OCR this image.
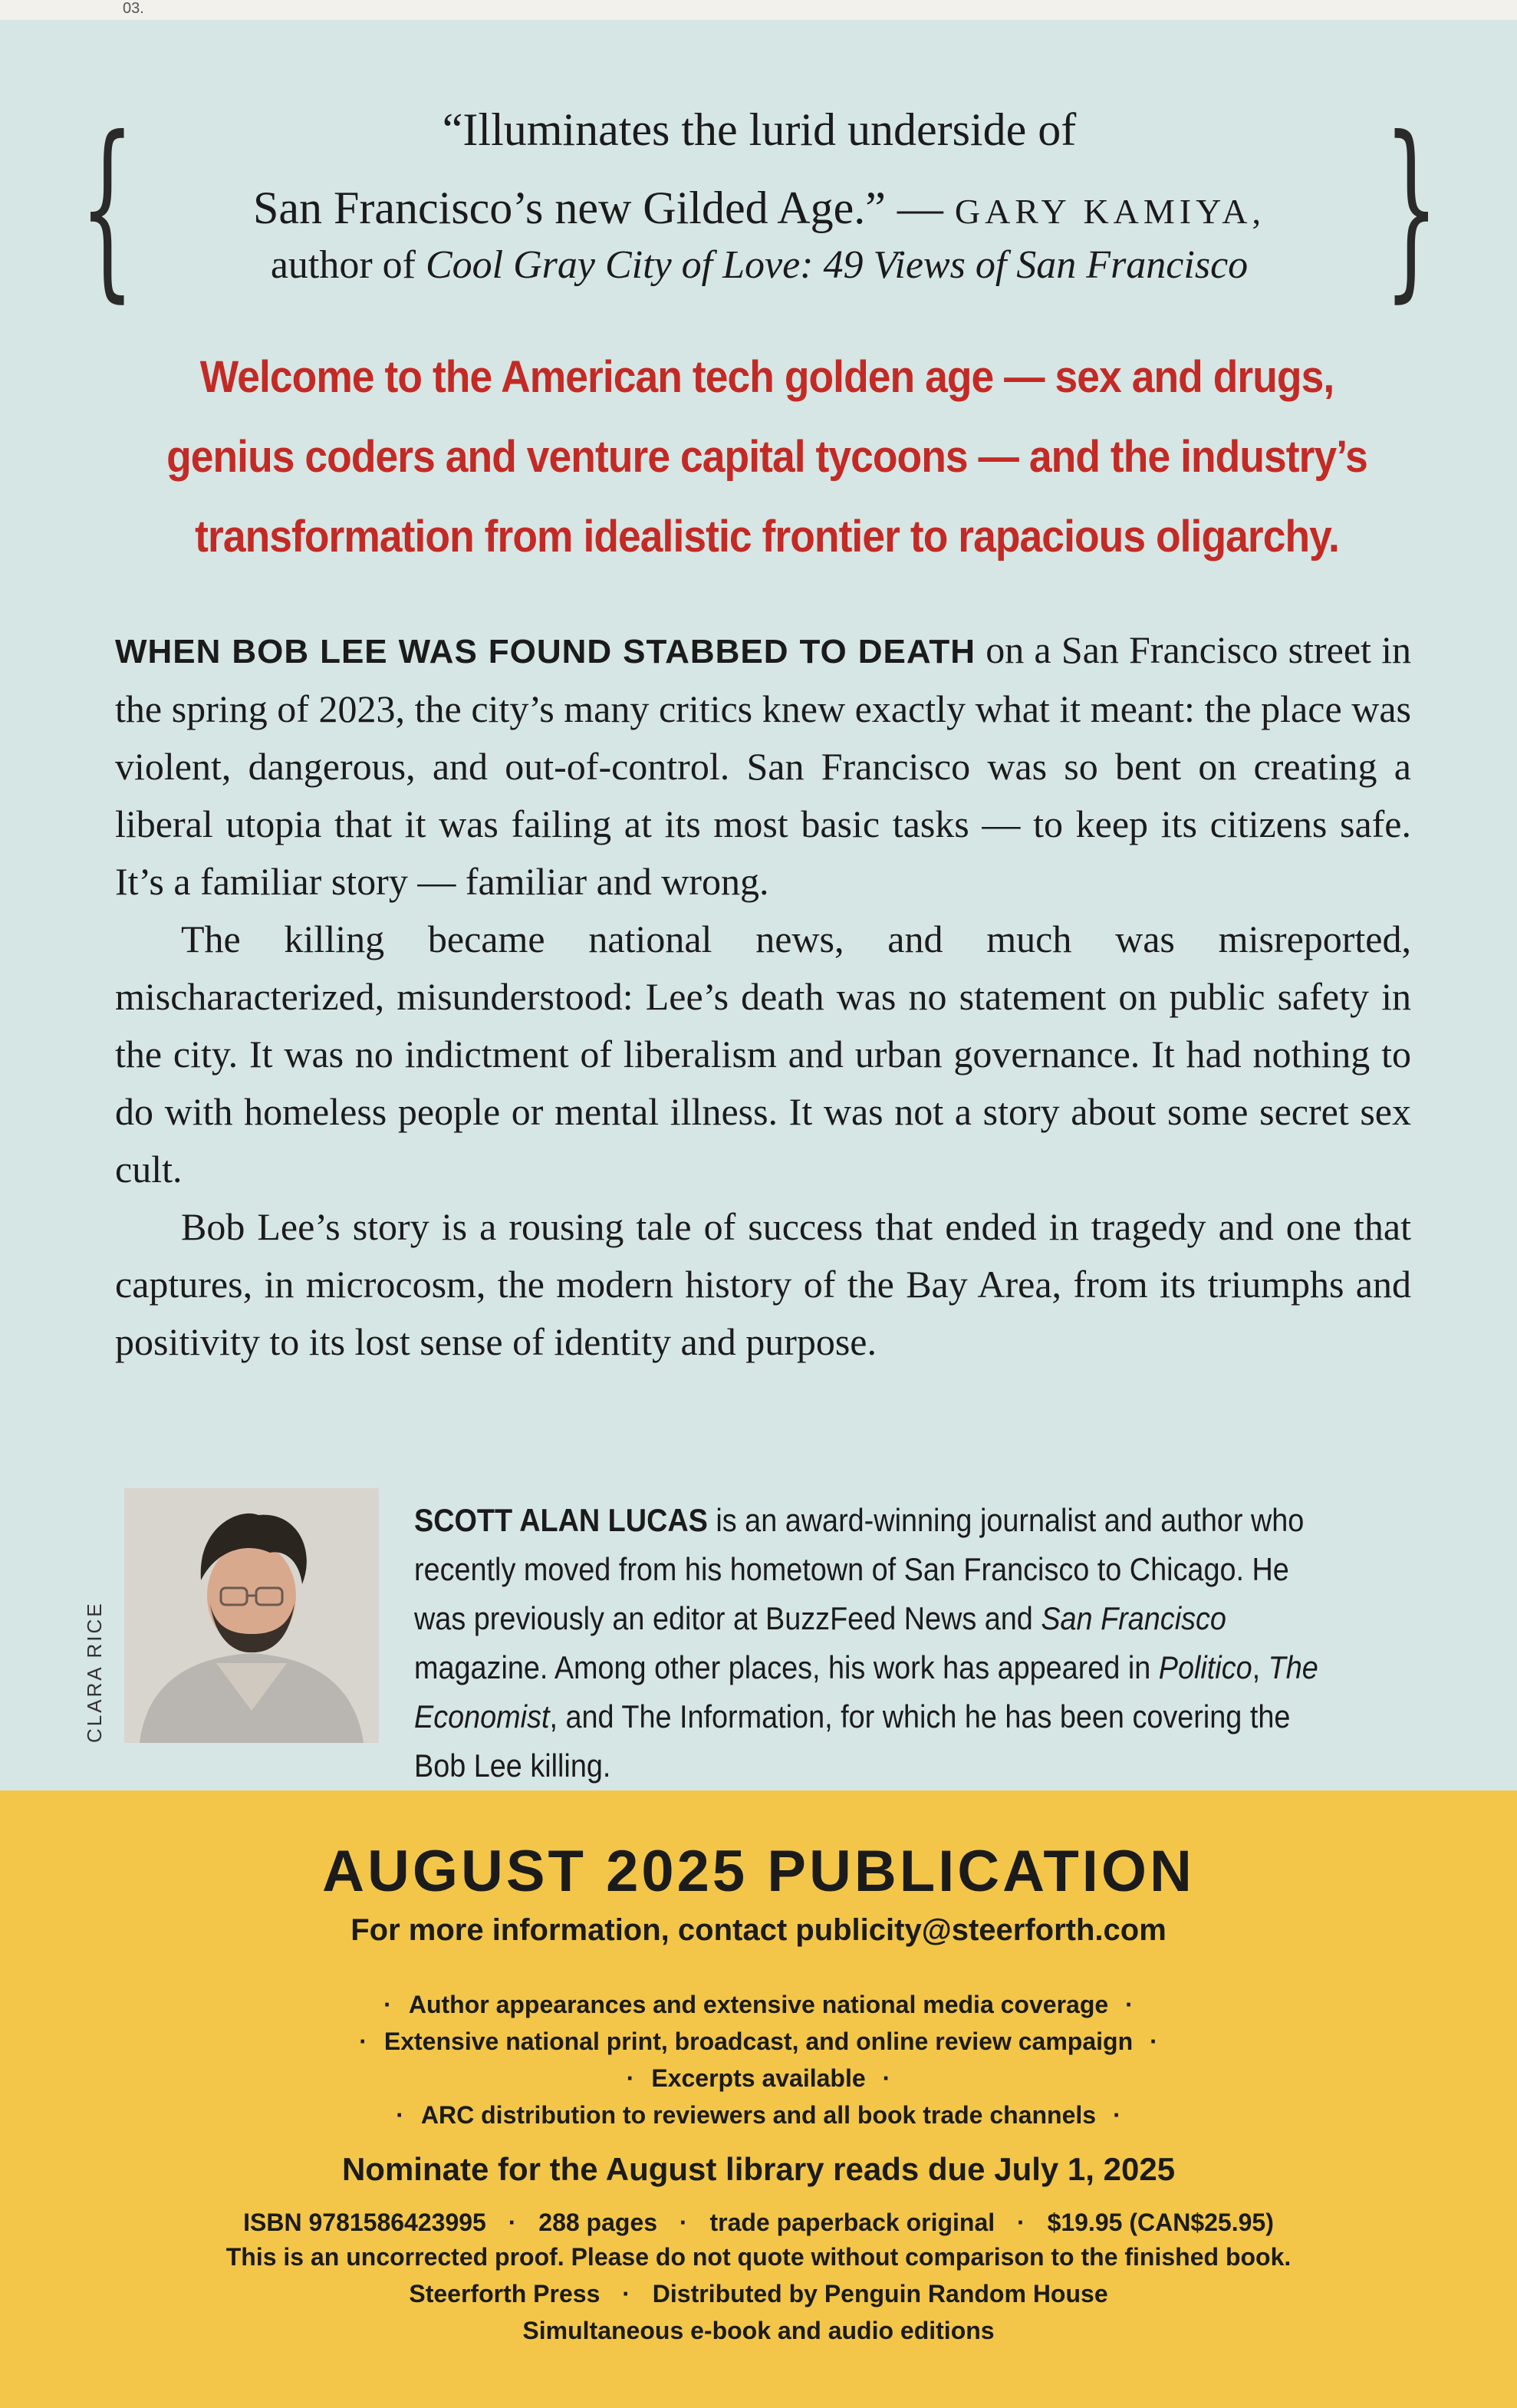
03.
{	}
“Illuminates the lurid underside of
San Francisco’s new Gilded Age.” — GARY KAMIYA,
author of Cool Gray City of Love: 49 Views of San Francisco
Welcome to the American tech golden age — sex and drugs,
genius coders and venture capital tycoons — and the industry’s
transformation from idealistic frontier to rapacious oligarchy.

WHEN BOB LEE WAS FOUND STABBED TO DEATH on a San Francisco street in the spring of 2023, the city’s many critics knew exactly what it meant: the place was violent, dangerous, and out-of-control. San Francisco was so bent on creating a liberal utopia that it was failing at its most basic tasks — to keep its citizens safe. It’s a familiar story — familiar and wrong.

The killing became national news, and much was misreported, mischaracterized, misunderstood: Lee’s death was no statement on public safety in the city. It was no indictment of liberalism and urban governance. It had nothing to do with homeless people or mental illness. It was not a story about some secret sex cult.

Bob Lee’s story is a rousing tale of success that ended in tragedy and one that captures, in microcosm, the modern history of the Bay Area, from its triumphs and positivity to its lost sense of identity and purpose.

CLARA RICE
SCOTT ALAN LUCAS is an award-winning journalist and author who recently moved from his hometown of San Francisco to Chicago. He was previously an editor at BuzzFeed News and San Francisco magazine. Among other places, his work has appeared in Politico, The Economist, and The Information, for which he has been covering the Bob Lee killing.
AUGUST 2025 PUBLICATION
For more information, contact publicity@steerforth.com
· Author appearances and extensive national media coverage ·
· Extensive national print, broadcast, and online review campaign ·
· Excerpts available ·
· ARC distribution to reviewers and all book trade channels ·
Nominate for the August library reads due July 1, 2025
ISBN 9781586423995 · 288 pages · trade paperback original · $19.95 (CAN$25.95)
This is an uncorrected proof. Please do not quote without comparison to the finished book.
Steerforth Press · Distributed by Penguin Random House
Simultaneous e-book and audio editions
